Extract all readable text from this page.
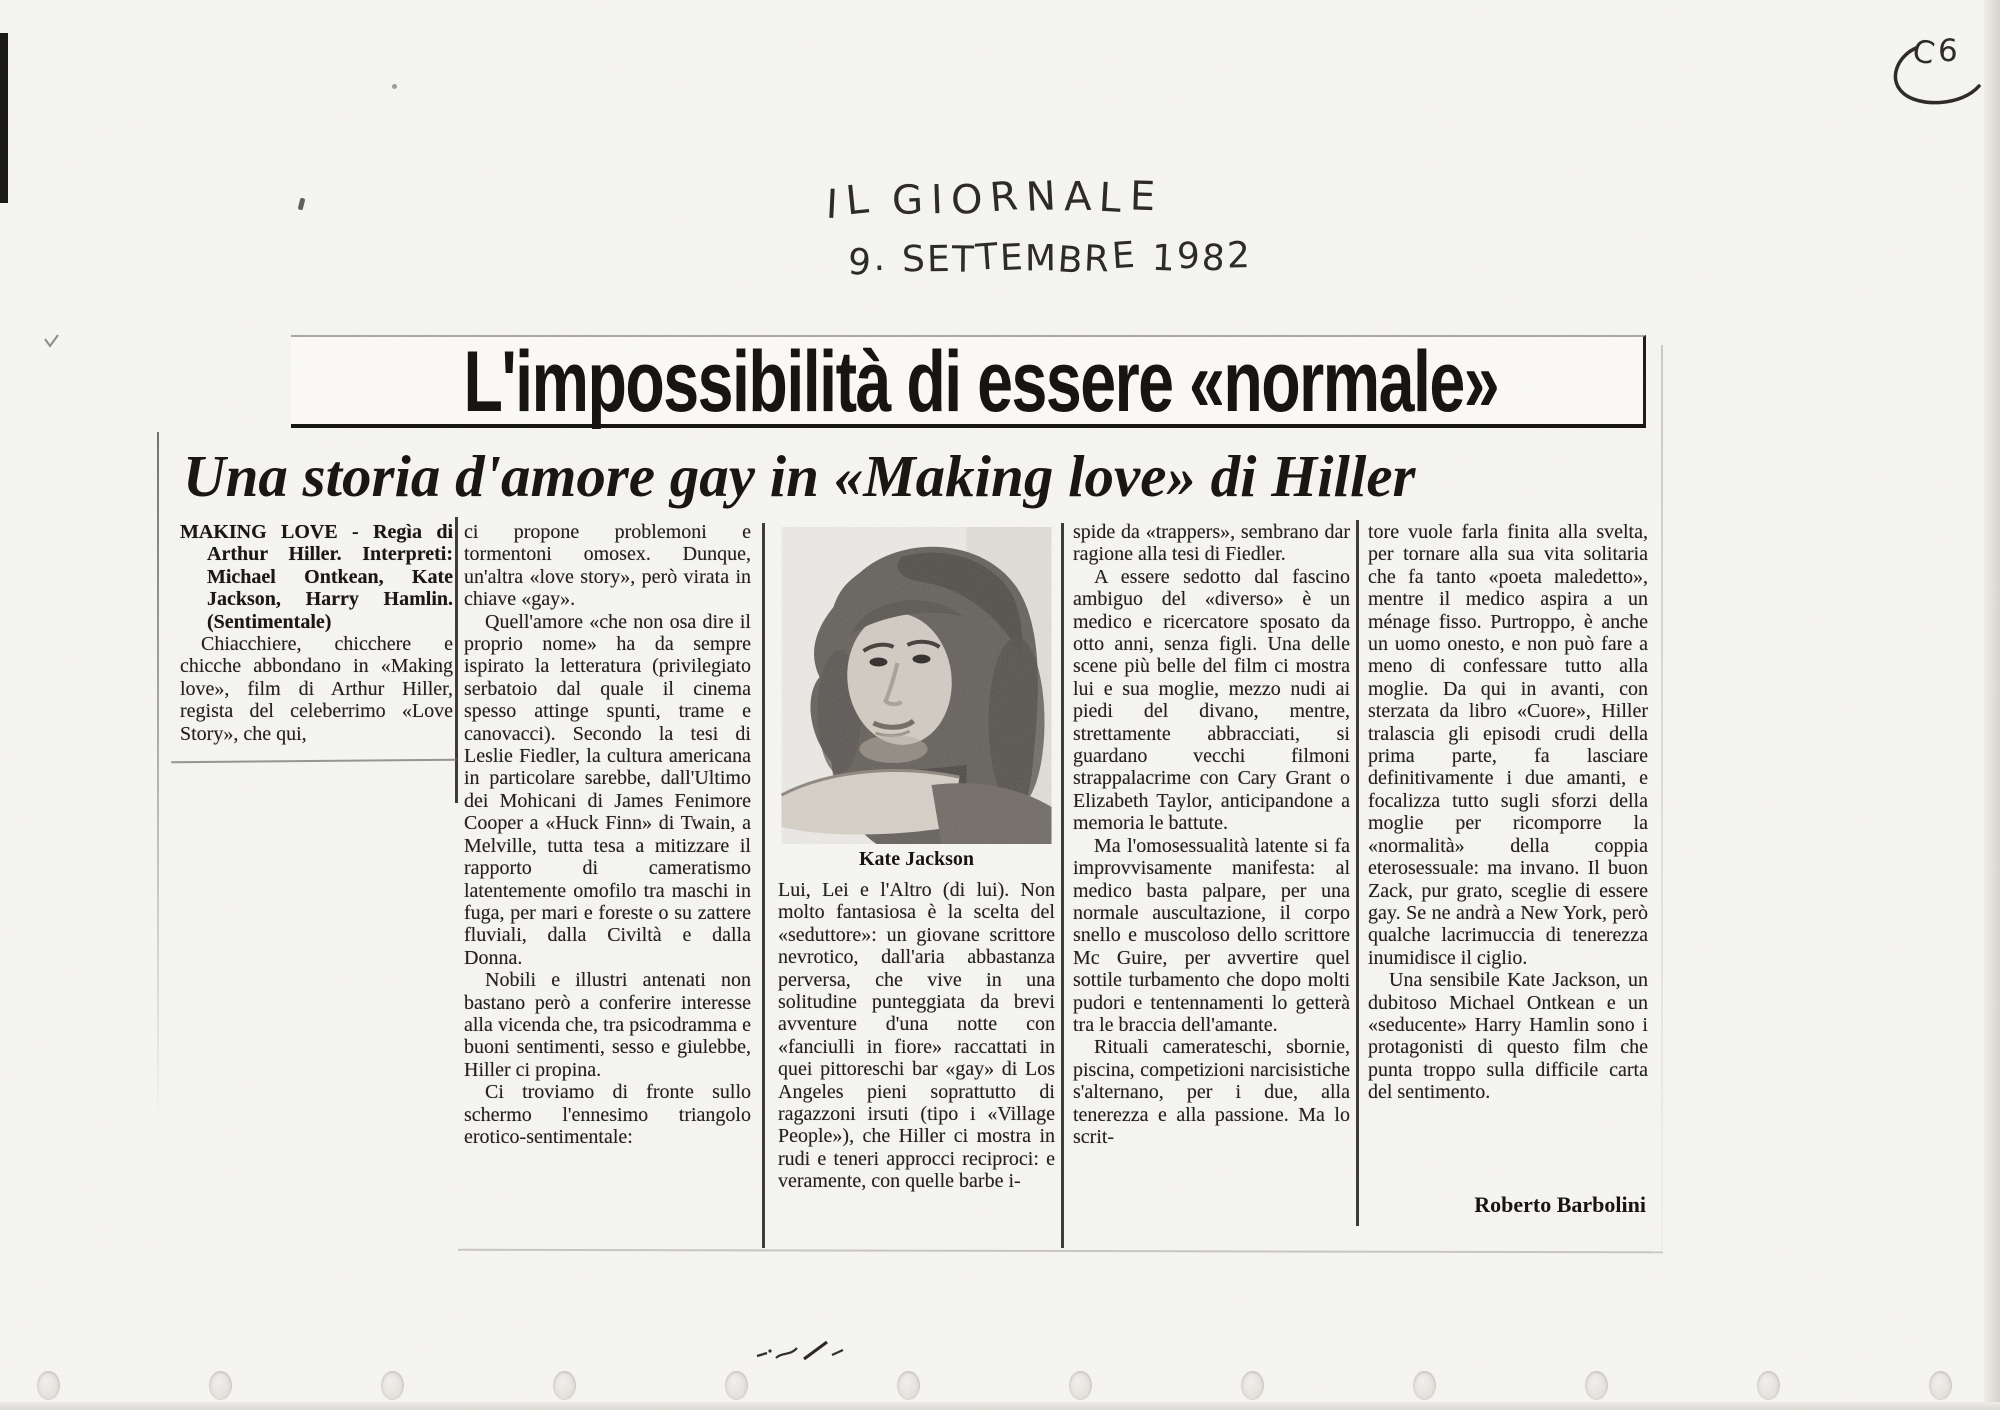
IL GIORNALE
9. SETTEMBRE 1982
C6
L'impossibilità di essere «normale»
Una storia d'amore gay in «Making love» di Hiller

MAKING LOVE - Regìa di Arthur Hiller. Interpreti: Michael Ontkean, Kate Jackson, Harry Hamlin. (Sentimentale)

Chiacchiere, chicchere e chicche abbondano in «Making love», film di Arthur Hiller, regista del celeberrimo «Love Story», che qui,

ci propone problemoni e tormentoni omosex. Dunque, un'altra «love story», però virata in chiave «gay».

Quell'amore «che non osa dire il proprio nome» ha da sempre ispirato la letteratura (privilegiato serbatoio dal quale il cinema spesso attinge spunti, trame e canovacci). Secondo la tesi di Leslie Fiedler, la cultura americana in particolare sarebbe, dall'Ultimo dei Mohicani di James Fenimore Cooper a «Huck Finn» di Twain, a Melville, tutta tesa a mitizzare il rapporto di cameratismo latentemente omofilo tra maschi in fuga, per mari e foreste o su zattere fluviali, dalla Civiltà e dalla Donna.

Nobili e illustri antenati non bastano però a conferire interesse alla vicenda che, tra psicodramma e buoni sentimenti, sesso e giulebbe, Hiller ci propina.

Ci troviamo di fronte sullo schermo l'ennesimo triangolo erotico-sentimentale:

Kate Jackson

Lui, Lei e l'Altro (di lui). Non molto fantasiosa è la scelta del «seduttore»: un giovane scrittore nevrotico, dall'aria abbastanza perversa, che vive in una solitudine punteggiata da brevi avventure d'una notte con «fanciulli in fiore» raccattati in quei pittoreschi bar «gay» di Los Angeles pieni soprattutto di ragazzoni irsuti (tipo i «Village People»), che Hiller ci mostra in rudi e teneri approcci reciproci: e veramente, con quelle barbe i-

spide da «trappers», sembrano dar ragione alla tesi di Fiedler.

A essere sedotto dal fascino ambiguo del «diverso» è un medico e ricercatore sposato da otto anni, senza figli. Una delle scene più belle del film ci mostra lui e sua moglie, mezzo nudi ai piedi del divano, mentre, strettamente abbracciati, si guardano vecchi filmoni strappalacrime con Cary Grant o Elizabeth Taylor, anticipandone a memoria le battute.

Ma l'omosessualità latente si fa improvvisamente manifesta: al medico basta palpare, per una normale auscultazione, il corpo snello e muscoloso dello scrittore Mc Guire, per avvertire quel sottile turbamento che dopo molti pudori e tentennamenti lo getterà tra le braccia dell'amante.

Rituali camerateschi, sbornie, piscina, competizioni narcisistiche s'alternano, per i due, alla tenerezza e alla passione. Ma lo scrit-

tore vuole farla finita alla svelta, per tornare alla sua vita solitaria che fa tanto «poeta maledetto», mentre il medico aspira a un ménage fisso. Purtroppo, è anche un uomo onesto, e non può fare a meno di confessare tutto alla moglie. Da qui in avanti, con sterzata da libro «Cuore», Hiller tralascia gli episodi crudi della prima parte, fa lasciare definitivamente i due amanti, e focalizza tutto sugli sforzi della moglie per ricomporre la «normalità» della coppia eterosessuale: ma invano. Il buon Zack, pur grato, sceglie di essere gay. Se ne andrà a New York, però qualche lacrimuccia di tenerezza inumidisce il ciglio.

Una sensibile Kate Jackson, un dubitoso Michael Ontkean e un «seducente» Harry Hamlin sono i protagonisti di questo film che punta troppo sulla difficile carta del sentimento.

Roberto Barbolini
